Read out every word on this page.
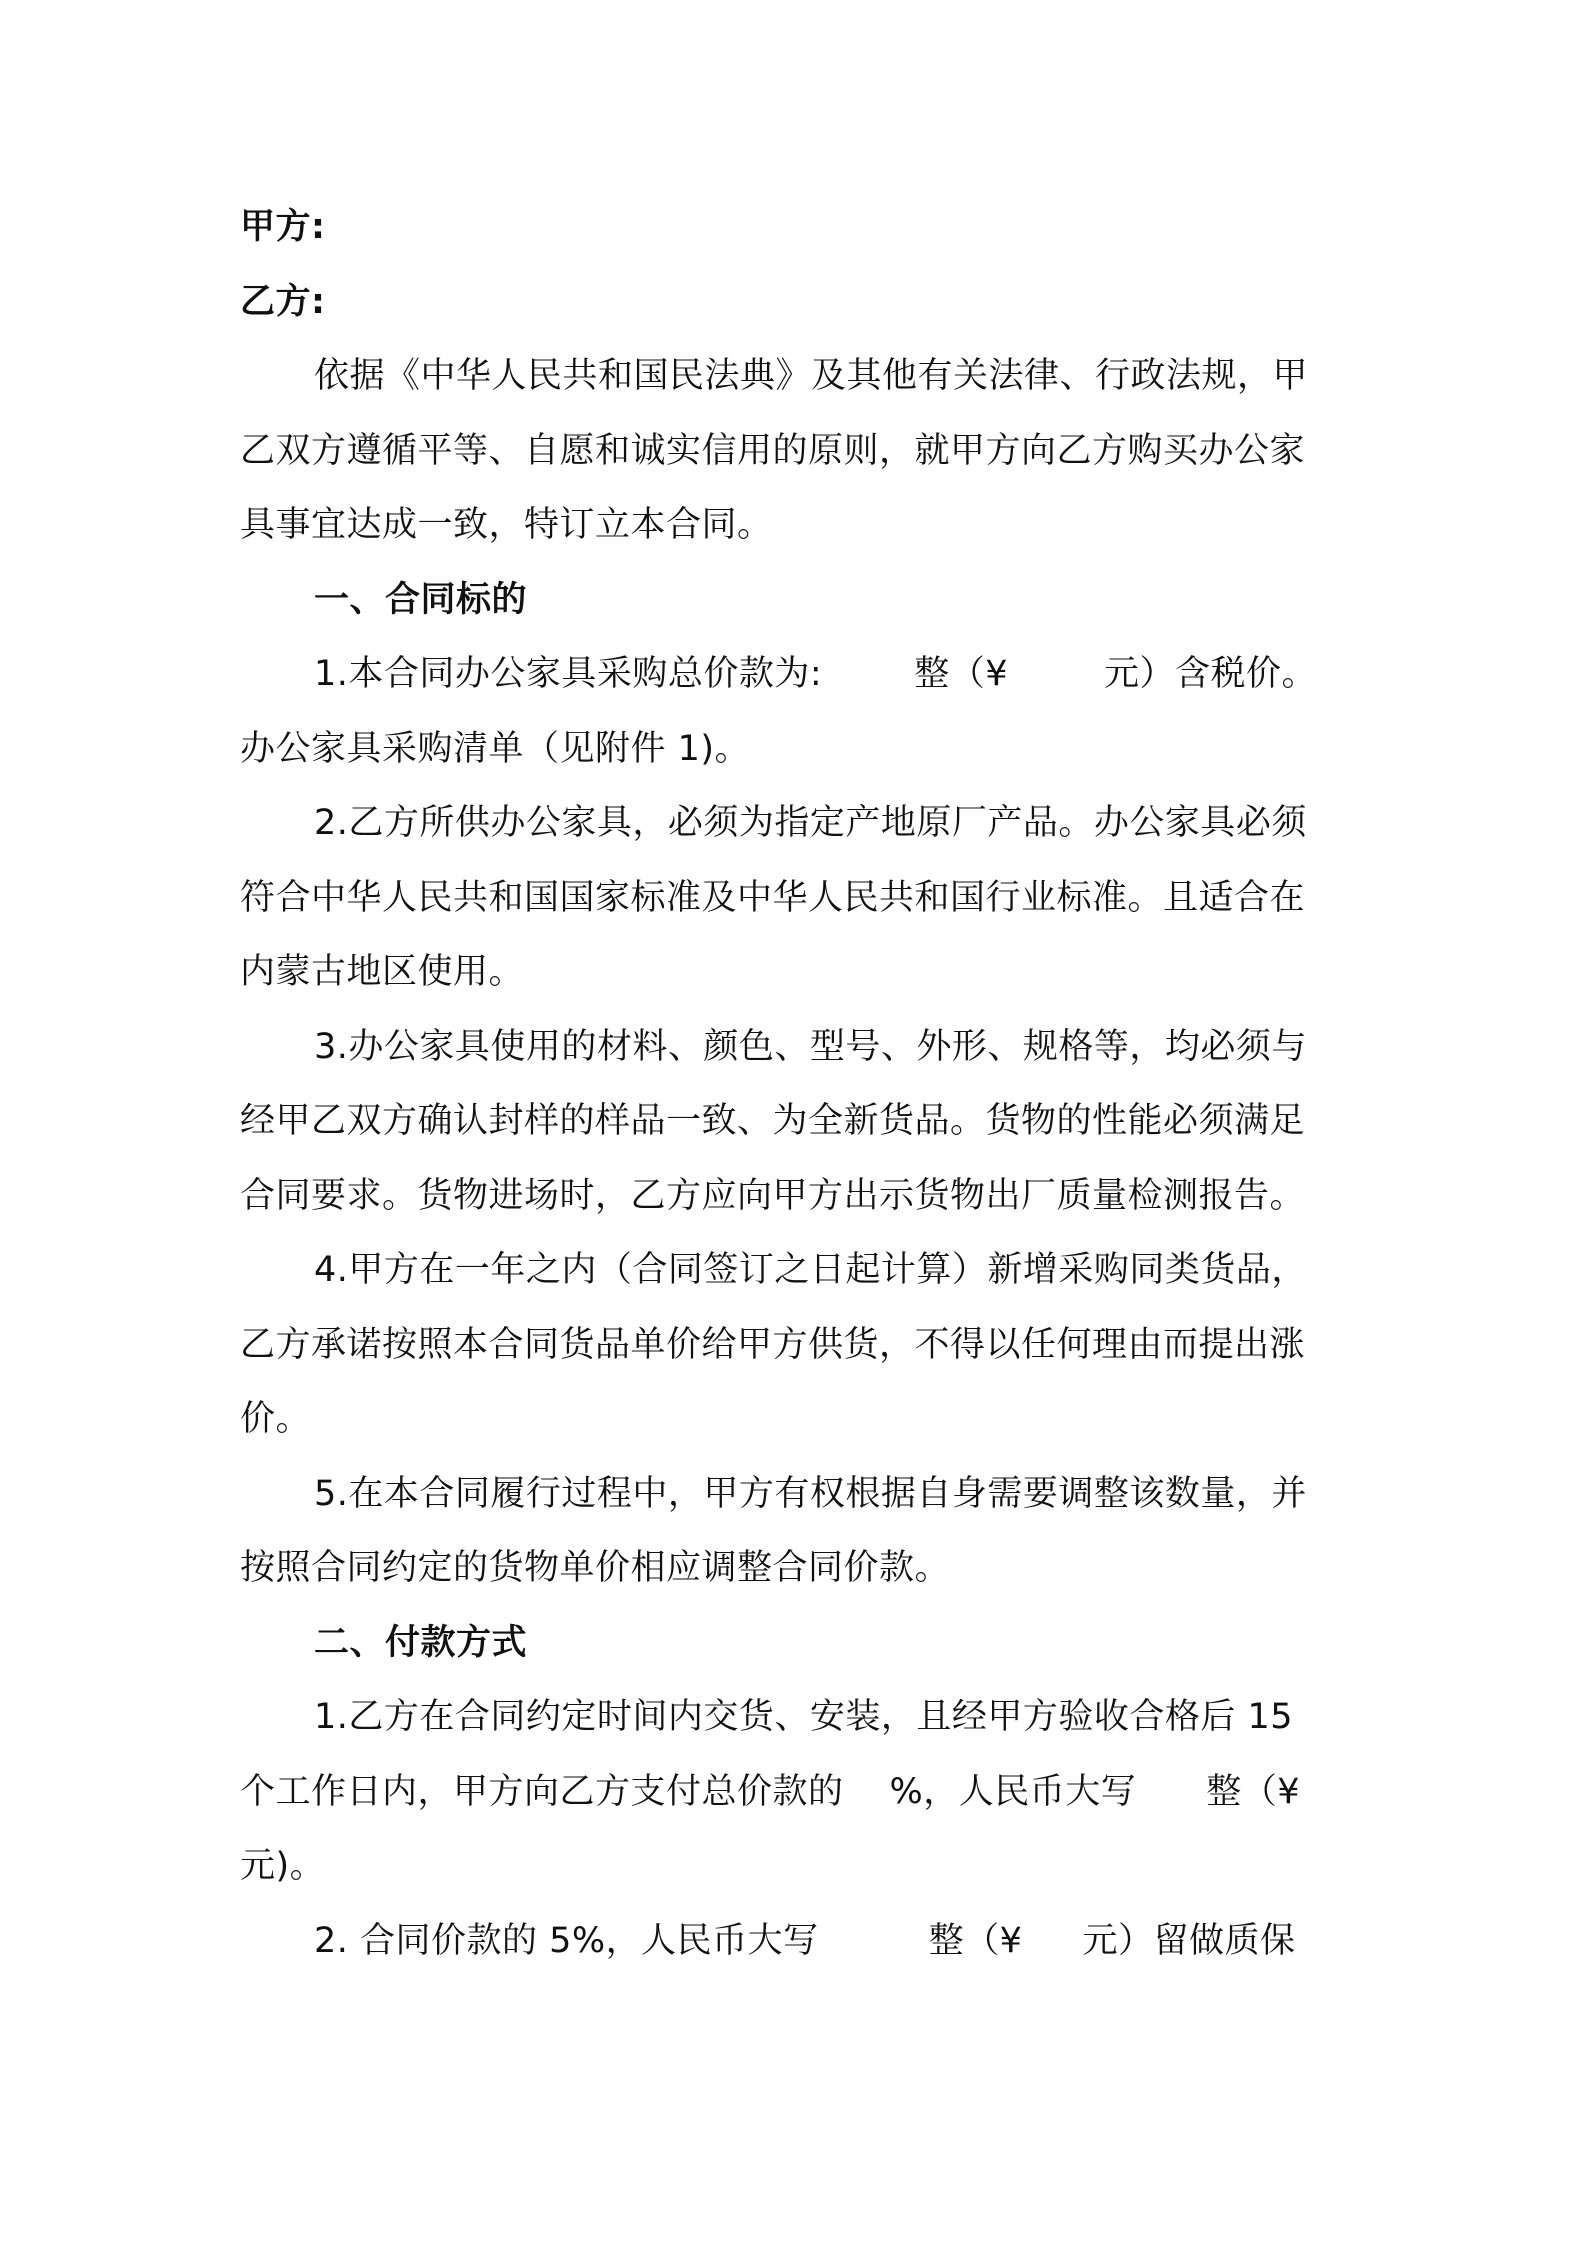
甲方:
乙方:
依据《中华人民共和国民法典》及其他有关法律、行政法规，甲
乙双方遵循平等、自愿和诚实信用的原则，就甲方向乙方购买办公家
具事宜达成一致，特订立本合同。
一、合同标的
1.本合同办公家具采购总价款为:	整（¥	元）含税价。
办公家具采购清单（见附件 1)。
2.乙方所供办公家具，必须为指定产地原厂产品。办公家具必须
符合中华人民共和国国家标准及中华人民共和国行业标准。且适合在
内蒙古地区使用。
3.办公家具使用的材料、颜色、型号、外形、规格等，均必须与
经甲乙双方确认封样的样品一致、为全新货品。货物的性能必须满足
合同要求。货物进场时，乙方应向甲方出示货物出厂质量检测报告。
4.甲方在一年之内（合同签订之日起计算）新增采购同类货品，
乙方承诺按照本合同货品单价给甲方供货，不得以任何理由而提出涨
价。
5.在本合同履行过程中，甲方有权根据自身需要调整该数量，并
按照合同约定的货物单价相应调整合同价款。
二、付款方式
1.乙方在合同约定时间内交货、安装，且经甲方验收合格后 15
个工作日内，甲方向乙方支付总价款的 %，人民币大写 整（¥
元)。
2. 合同价款的 5%，人民币大写	整（¥ 元）留做质保
